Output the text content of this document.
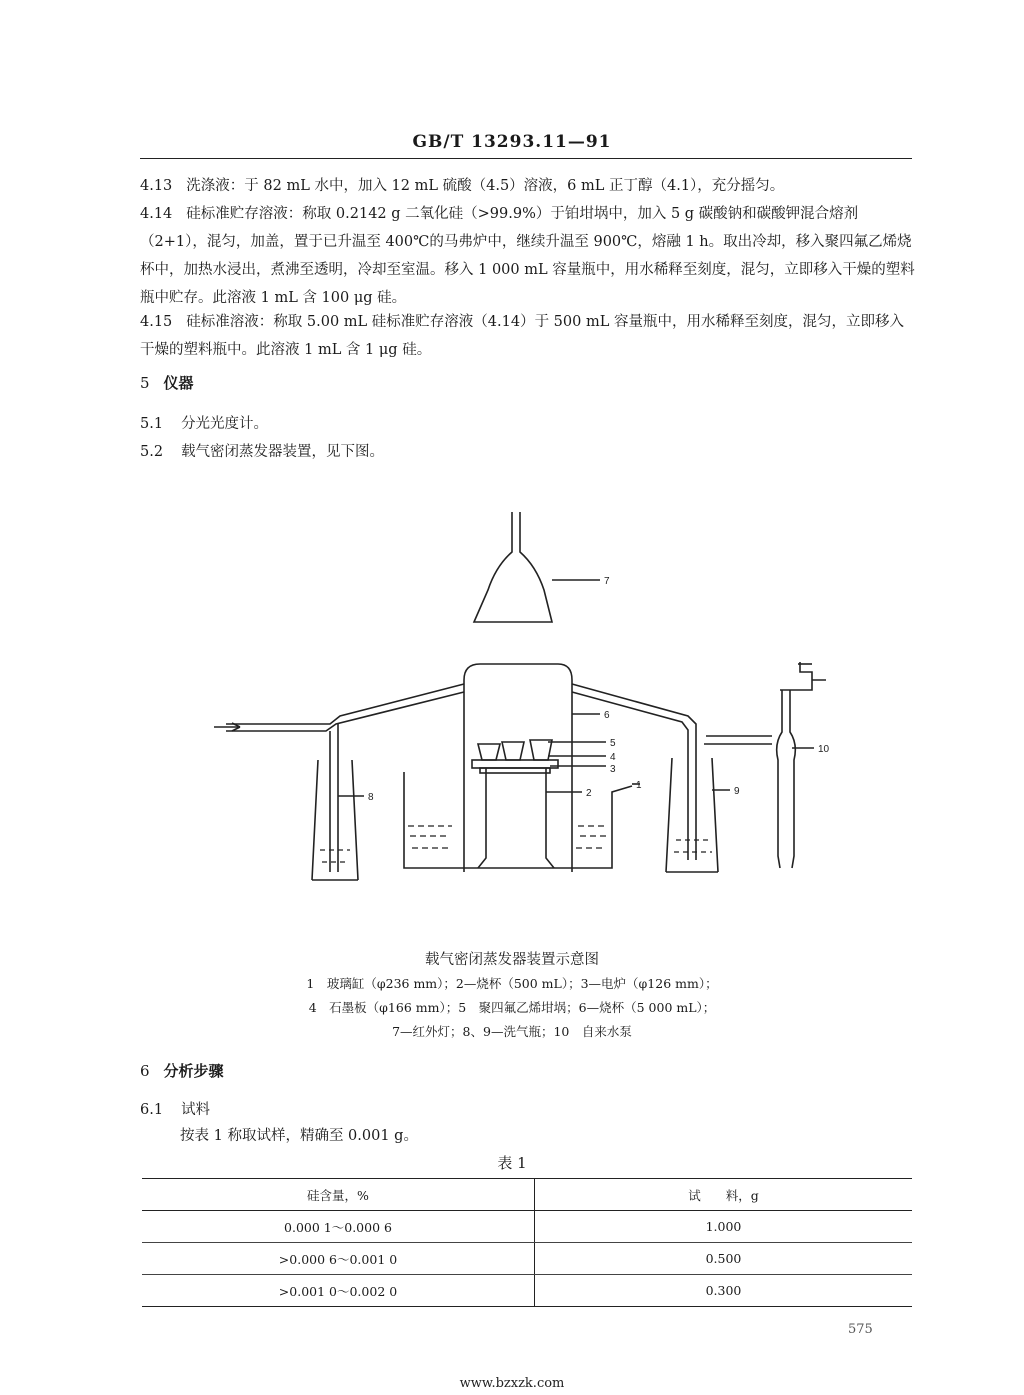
GB/T 13293.11—91
4.13 洗涤液：于 82 mL 水中，加入 12 mL 硫酸（4.5）溶液，6 mL 正丁醇（4.1），充分摇匀。
4.14 硅标准贮存溶液：称取 0.2142 g 二氧化硅（>99.9%）于铂坩埚中，加入 5 g 碳酸钠和碳酸钾混合熔剂（2+1），混匀，加盖，置于已升温至 400℃的马弗炉中，继续升温至 900℃，熔融 1 h。取出冷却，移入聚四氟乙烯烧杯中，加热水浸出，煮沸至透明，冷却至室温。移入 1 000 mL 容量瓶中，用水稀释至刻度，混匀，立即移入干燥的塑料瓶中贮存。此溶液 1 mL 含 100 μg 硅。
4.15 硅标准溶液：称取 5.00 mL 硅标准贮存溶液（4.14）于 500 mL 容量瓶中，用水稀释至刻度，混匀，立即移入干燥的塑料瓶中。此溶液 1 mL 含 1 μg 硅。
5 仪器
5.1 分光光度计。
5.2 载气密闭蒸发器装置，见下图。
1
2
3
4
5
6
7
8
9
10
载气密闭蒸发器装置示意图
1　玻璃缸（φ236 mm）；2—烧杯（500 mL）；3—电炉（φ126 mm）；
4　石墨板（φ166 mm）；5　聚四氟乙烯坩埚；6—烧杯（5 000 mL）；
7—红外灯；8、9—洗气瓶；10　自来水泵
6 分析步骤
6.1 试料
按表 1 称取试样，精确至 0.001 g。
表 1
硅含量，%	试　　料，g
0.000 1～0.000 6	1.000
>0.000 6～0.001 0	0.500
>0.001 0～0.002 0	0.300
575
www.bzxzk.com
